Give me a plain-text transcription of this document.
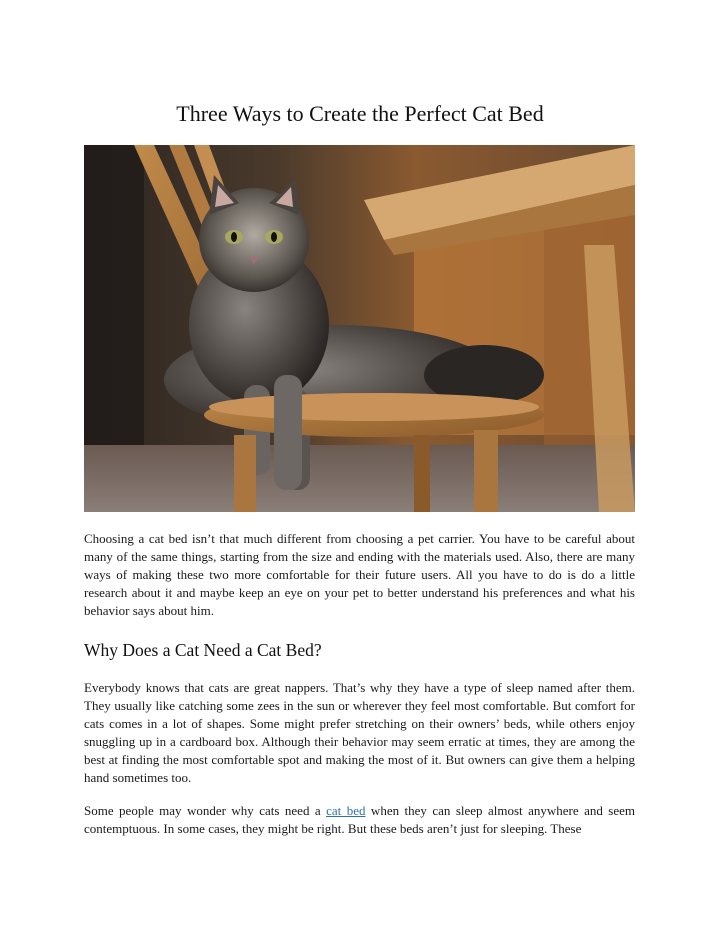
Three Ways to Create the Perfect Cat Bed
Choosing a cat bed isn’t that much different from choosing a pet carrier. You have to be careful about many of the same things, starting from the size and ending with the materials used. Also, there are many ways of making these two more comfortable for their future users. All you have to do is do a little research about it and maybe keep an eye on your pet to better understand his preferences and what his behavior says about him.
Why Does a Cat Need a Cat Bed?
Everybody knows that cats are great nappers. That’s why they have a type of sleep named after them. They usually like catching some zees in the sun or wherever they feel most comfortable. But comfort for cats comes in a lot of shapes. Some might prefer stretching on their owners’ beds, while others enjoy snuggling up in a cardboard box. Although their behavior may seem erratic at times, they are among the best at finding the most comfortable spot and making the most of it. But owners can give them a helping hand sometimes too.
Some people may wonder why cats need a cat bed when they can sleep almost anywhere and seem contemptuous. In some cases, they might be right. But these beds aren’t just for sleeping. These
